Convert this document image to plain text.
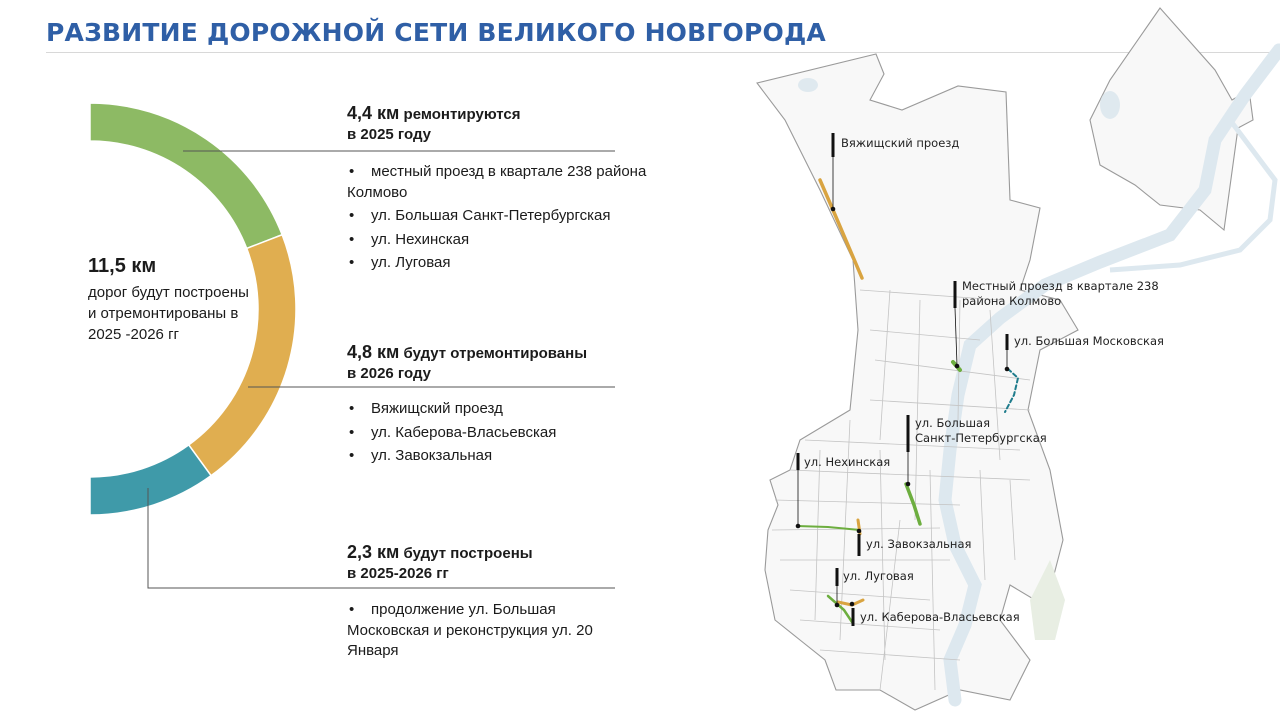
РАЗВИТИЕ ДОРОЖНОЙ СЕТИ ВЕЛИКОГО НОВГОРОДА
11,5 км
дорог будут построены и отремонтированы в 2025 -2026 гг
4,4 км ремонтируются
в 2025 году
• местный проезд в квартале 238 района Колмово
• ул. Большая Санкт-Петербургская
• ул. Нехинская
• ул. Луговая
4,8 км будут отремонтированы
в 2026 году
• Вяжищский проезд
• ул. Каберова-Власьевская
• ул. Завокзальная
2,3 км будут построены
в 2025-2026 гг
• продолжение ул. Большая Московская и реконструкция ул. 20 Января
Вяжищский проезд
Местный проезд в квартале 238
района Колмово
ул. Большая Московская
ул. Большая
Санкт-Петербургская
ул. Нехинская
ул. Завокзальная
ул. Луговая
ул. Каберова-Власьевская
